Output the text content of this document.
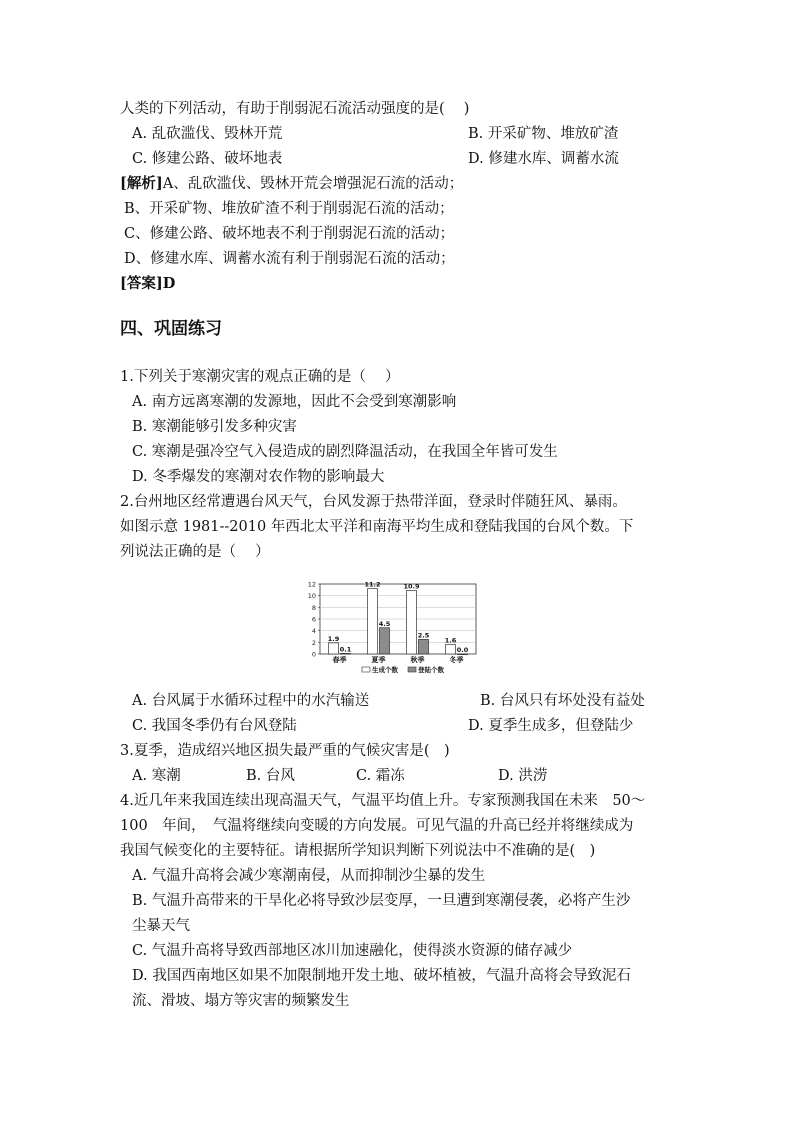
人类的下列活动，有助于削弱泥石流活动强度的是(　 )
A. 乱砍滥伐、毁林开荒	B. 开采矿物、堆放矿渣
C. 修建公路、破坏地表	D. 修建水库、调蓄水流
[解析]A、乱砍滥伐、毁林开荒会增强泥石流的活动；
B、开采矿物、堆放矿渣不利于削弱泥石流的活动；
C、修建公路、破坏地表不利于削弱泥石流的活动；
D、修建水库、调蓄水流有利于削弱泥石流的活动；
[答案]D
四、巩固练习
1.下列关于寒潮灾害的观点正确的是（　 ）
A. 南方远离寒潮的发源地，因此不会受到寒潮影响
B. 寒潮能够引发多种灾害
C. 寒潮是强冷空气入侵造成的剧烈降温活动，在我国全年皆可发生
D. 冬季爆发的寒潮对农作物的影响最大
2.台州地区经常遭遇台风天气，台风发源于热带洋面，登录时伴随狂风、暴雨。
如图示意 1981--2010 年西北太平洋和南海平均生成和登陆我国的台风个数。下
列说法正确的是（　 ）
0
2
4
6
8
10
12
1.9
0.1
春季
11.2
4.5
夏季
10.9
2.5
秋季
1.6
0.0
冬季
生成个数	登陆个数
A. 台风属于水循环过程中的水汽输送	B. 台风只有坏处没有益处
C. 我国冬季仍有台风登陆	D. 夏季生成多，但登陆少
3.夏季，造成绍兴地区损失最严重的气候灾害是(　)
A. 寒潮	B. 台风	C. 霜冻	D. 洪涝
4.近几年来我国连续出现高温天气，气温平均值上升。专家预测我国在未来　50～
100　年间，　气温将继续向变暖的方向发展。可见气温的升高已经并将继续成为
我国气候变化的主要特征。请根据所学知识判断下列说法中不准确的是(　)
A. 气温升高将会减少寒潮南侵，从而抑制沙尘暴的发生
B. 气温升高带来的干旱化必将导致沙层变厚，一旦遭到寒潮侵袭，必将产生沙
尘暴天气
C. 气温升高将导致西部地区冰川加速融化，使得淡水资源的储存减少
D. 我国西南地区如果不加限制地开发土地、破坏植被，气温升高将会导致泥石
流、滑坡、塌方等灾害的频繁发生
